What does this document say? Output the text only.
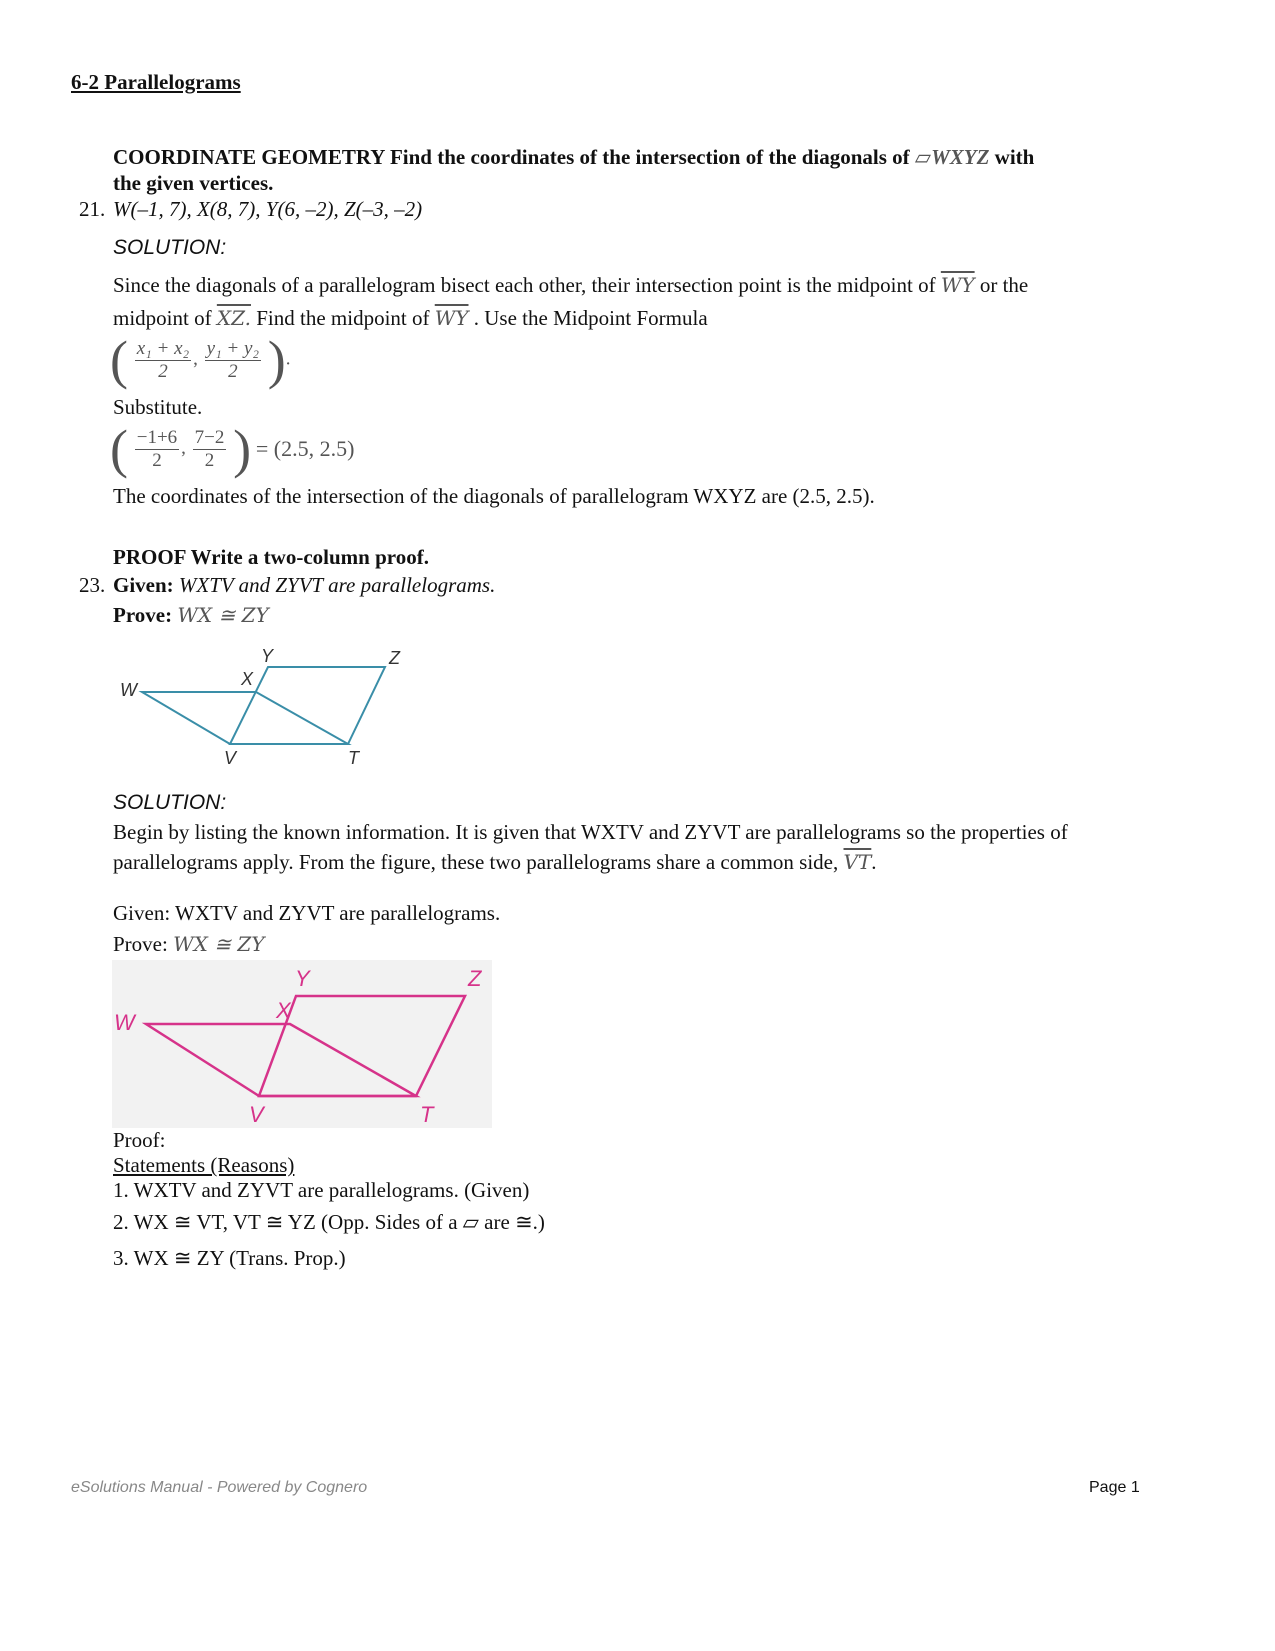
6-2 Parallelograms
COORDINATE GEOMETRY Find the coordinates of the intersection of the diagonals of ▱WXYZ with
the given vertices.
21. W(–1, 7), X(8, 7), Y(6, –2), Z(–3, –2)
SOLUTION:
Since the diagonals of a parallelogram bisect each other, their intersection point is the midpoint of $\overline{WY}$ or the
midpoint of XZ. Find the midpoint of $\overline{WY}$ . Use the Midpoint Formula
( $\frac{\text{x₁ + x₂}}{2}$ , $\frac{\text{y₁ + y₂}}{2}$ ).
Substitute.
( $\frac{-1+6}{2}$ , $\frac{7-2}{2}$ ) = (2.5, 2.5)
The coordinates of the intersection of the diagonals of parallelogram WXYZ are (2.5, 2.5).
PROOF Write a two-column proof.
23. Given: WXTV and ZYVT are parallelograms.
Prove: WX ≅ ZY
W
X
Y	Z
V	T
SOLUTION:
Begin by listing the known information. It is given that WXTV and ZYVT are parallelograms so the properties of
parallelograms apply. From the figure, these two parallelograms share a common side, $\overline{VT}$.
Given: WXTV and ZYVT are parallelograms.
Prove: WX ≅ ZY
W	X
Y	Z
V	T
Proof:
Statements (Reasons)
1. WXTV and ZYVT are parallelograms. (Given)
2. WX ≅ VT, VT ≅ YZ (Opp. Sides of a ▱ are ≅.)
3. WX ≅ ZY (Trans. Prop.)
eSolutions Manual - Powered by Cognero	Page 1
